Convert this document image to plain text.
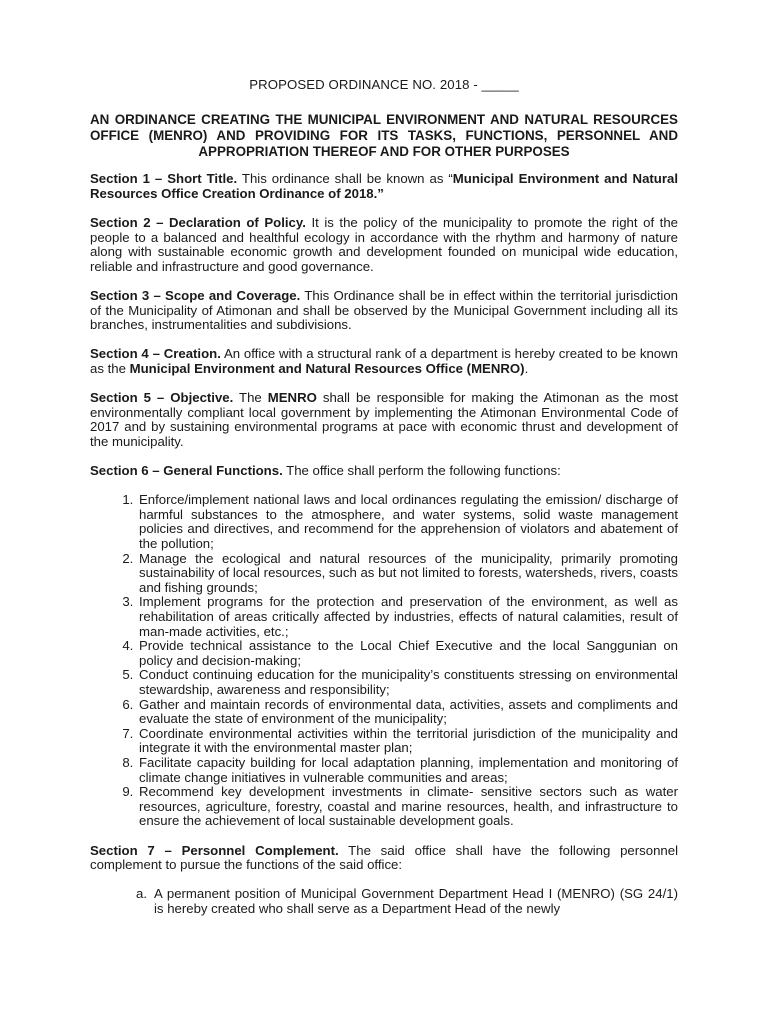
PROPOSED ORDINANCE NO. 2018 - _____
AN ORDINANCE CREATING THE MUNICIPAL ENVIRONMENT AND NATURAL RESOURCES OFFICE (MENRO) AND PROVIDING FOR ITS TASKS, FUNCTIONS, PERSONNEL AND APPROPRIATION THEREOF AND FOR OTHER PURPOSES

Section 1 – Short Title. This ordinance shall be known as “Municipal Environment and Natural Resources Office Creation Ordinance of 2018.”

Section 2 – Declaration of Policy. It is the policy of the municipality to promote the right of the people to a balanced and healthful ecology in accordance with the rhythm and harmony of nature along with sustainable economic growth and development founded on municipal wide education, reliable and infrastructure and good governance.

Section 3 – Scope and Coverage. This Ordinance shall be in effect within the territorial jurisdiction of the Municipality of Atimonan and shall be observed by the Municipal Government including all its branches, instrumentalities and subdivisions.

Section 4 – Creation. An office with a structural rank of a department is hereby created to be known as the Municipal Environment and Natural Resources Office (MENRO).

Section 5 – Objective. The MENRO shall be responsible for making the Atimonan as the most environmentally compliant local government by implementing the Atimonan Environmental Code of 2017 and by sustaining environmental programs at pace with economic thrust and development of the municipality.

Section 6 – General Functions. The office shall perform the following functions:

1. Enforce/implement national laws and local ordinances regulating the emission/ discharge of harmful substances to the atmosphere, and water systems, solid waste management policies and directives, and recommend for the apprehension of violators and abatement of the pollution;
2. Manage the ecological and natural resources of the municipality, primarily promoting sustainability of local resources, such as but not limited to forests, watersheds, rivers, coasts and fishing grounds;
3. Implement programs for the protection and preservation of the environment, as well as rehabilitation of areas critically affected by industries, effects of natural calamities, result of man-made activities, etc.;
4. Provide technical assistance to the Local Chief Executive and the local Sanggunian on policy and decision-making;
5. Conduct continuing education for the municipality’s constituents stressing on environmental stewardship, awareness and responsibility;
6. Gather and maintain records of environmental data, activities, assets and compliments and evaluate the state of environment of the municipality;
7. Coordinate environmental activities within the territorial jurisdiction of the municipality and integrate it with the environmental master plan;
8. Facilitate capacity building for local adaptation planning, implementation and monitoring of climate change initiatives in vulnerable communities and areas;
9. Recommend key development investments in climate- sensitive sectors such as water resources, agriculture, forestry, coastal and marine resources, health, and infrastructure to ensure the achievement of local sustainable development goals.

Section 7 – Personnel Complement. The said office shall have the following personnel complement to pursue the functions of the said office:

a. A permanent position of Municipal Government Department Head I (MENRO) (SG 24/1) is hereby created who shall serve as a Department Head of the newly
